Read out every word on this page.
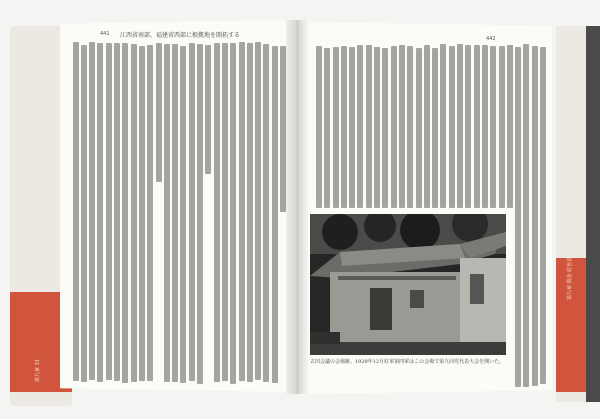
江西省南部，福建省西部に根拠地を開拓する
441
442
古田会議の会場跡。1929年12月紅軍第四軍はこの会場で第九回党代表大会を開いた。
第九章 31
第九章 瑞金 紅色首都の建設
